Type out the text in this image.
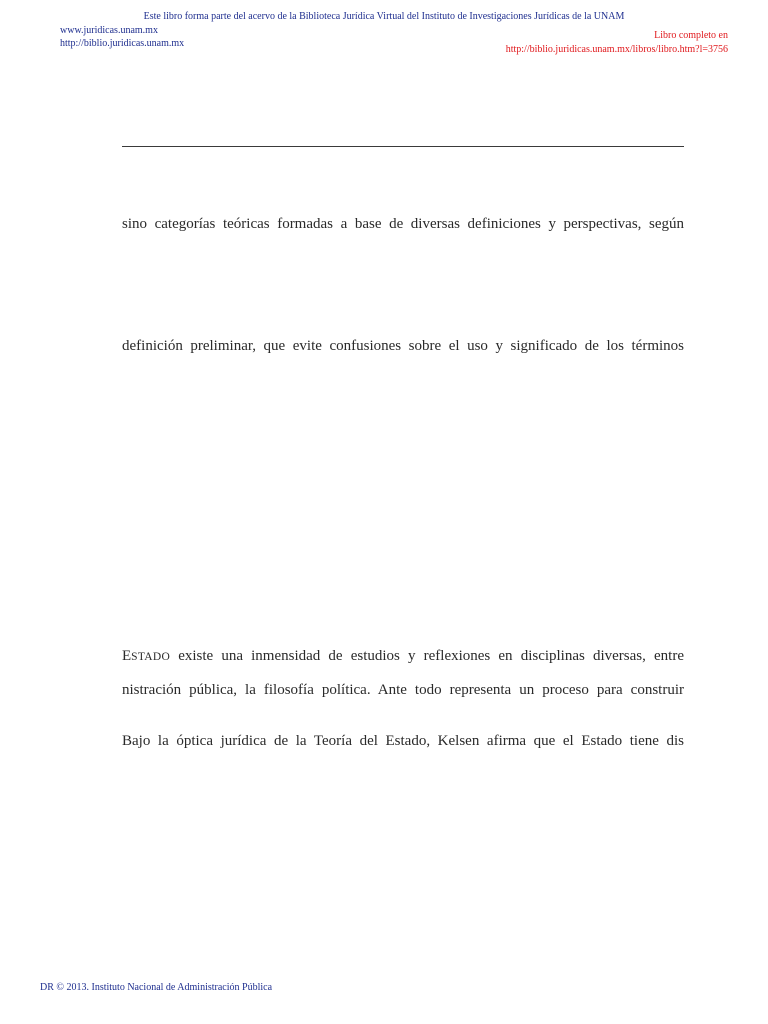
Este libro forma parte del acervo de la Biblioteca Jurídica Virtual del Instituto de Investigaciones Jurídicas de la UNAM
www.juridicas.unam.mx
http://biblio.juridicas.unam.mx
Libro completo en
http://biblio.juridicas.unam.mx/libros/libro.htm?l=3756
sino categorías teóricas formadas a base de diversas definiciones y perspectivas, según
definición preliminar, que evite confusiones sobre el uso y significado de los términos
ESTADO existe una inmensidad de estudios y reflexiones en disciplinas diversas, entre
nistración pública, la filosofía política. Ante todo representa un proceso para construir
Bajo la óptica jurídica de la Teoría del Estado, Kelsen afirma que el Estado tiene dis
DR © 2013. Instituto Nacional de Administración Pública
